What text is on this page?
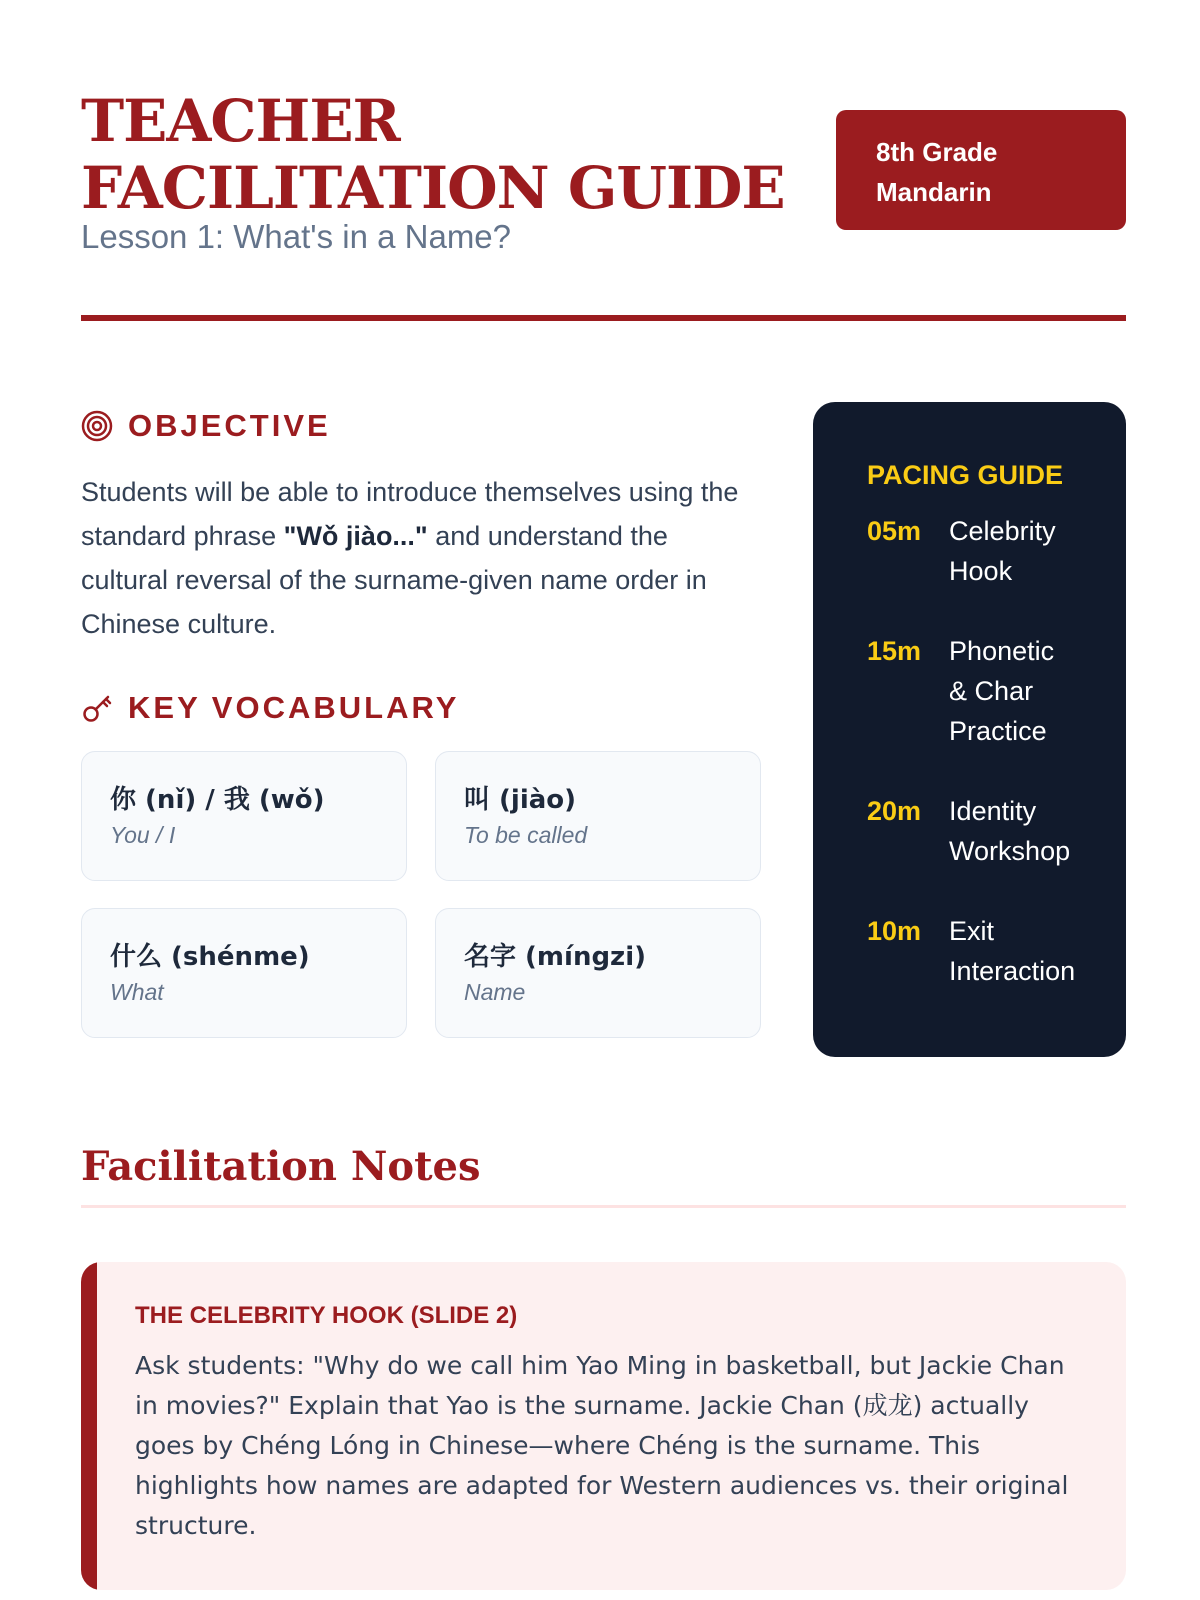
TEACHER FACILITATION GUIDE
Lesson 1: What's in a Name?
8th Grade Mandarin
OBJECTIVE

Students will be able to introduce themselves using the standard phrase "Wǒ jiào..." and understand the cultural reversal of the surname-given name order in Chinese culture.

KEY VOCABULARY
你 (nǐ) / 我 (wǒ)
You / I
叫 (jiào)
To be called
什么 (shénme)
What
名字 (míngzi)
Name
PACING GUIDE
05m Celebrity Hook
15m Phonetic & Char Practice
20m Identity Workshop
10m Exit Interaction
Facilitation Notes
THE CELEBRITY HOOK (SLIDE 2)

Ask students: "Why do we call him Yao Ming in basketball, but Jackie Chan in movies?" Explain that Yao is the surname. Jackie Chan (成龙) actually goes by Chéng Lóng in Chinese—where Chéng is the surname. This highlights how names are adapted for Western audiences vs. their original structure.
